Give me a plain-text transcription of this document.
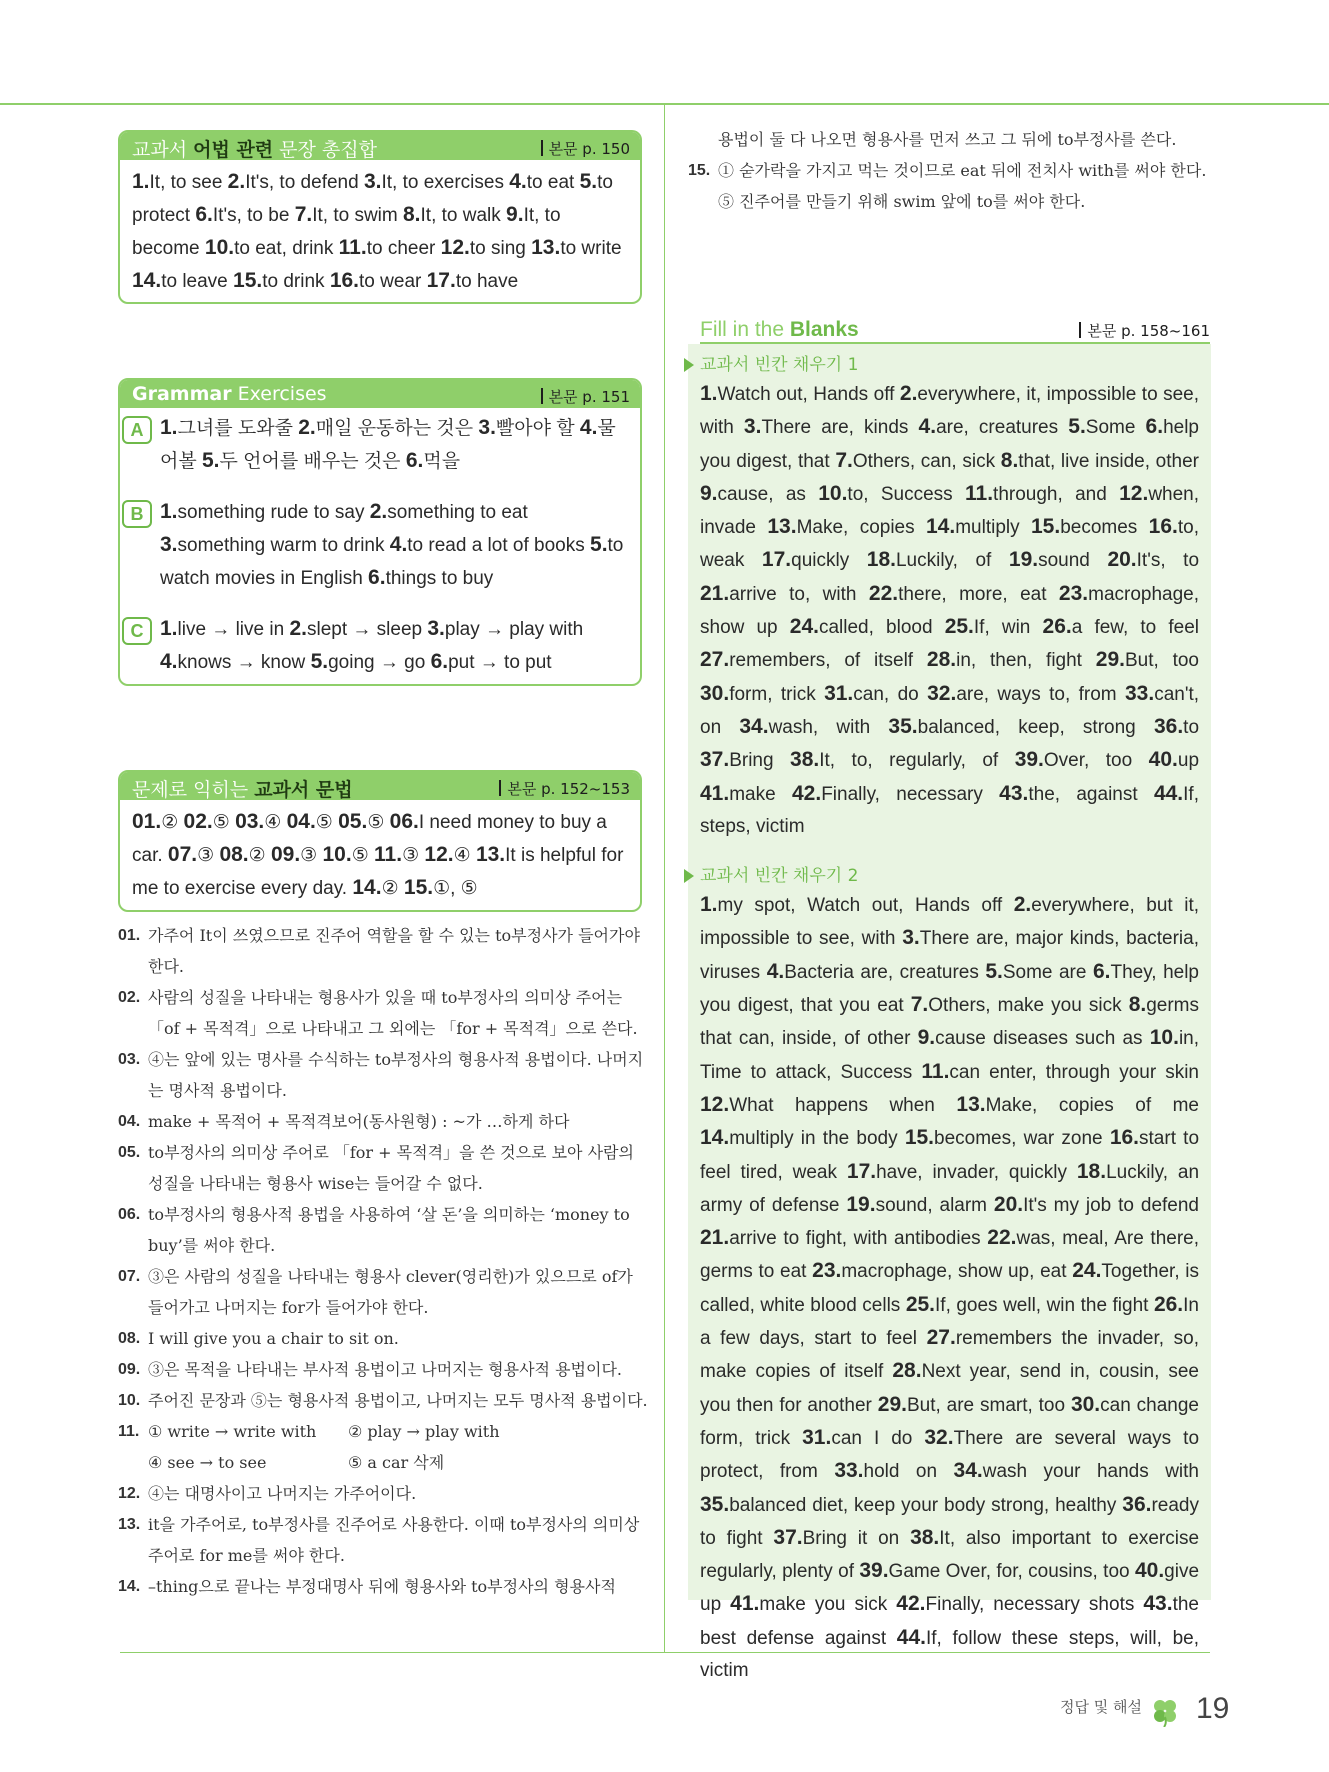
교과서 어법 관련 문장 총집합	본문 p. 150
1.It, to see 2.It's, to defend 3.It, to exercises 4.to eat 5.to protect 6.It's, to be 7.It, to swim 8.It, to walk 9.It, to become 10.to eat, drink 11.to cheer 12.to sing 13.to write 14.to leave 15.to drink 16.to wear 17.to have
Grammar Exercises	본문 p. 151
A 1.그녀를 도와줄 2.매일 운동하는 것은 3.빨아야 할 4.물어볼 5.두 언어를 배우는 것은 6.먹을
B 1.something rude to say 2.something to eat 3.something warm to drink 4.to read a lot of books 5.to watch movies in English 6.things to buy
C 1.live → live in 2.slept → sleep 3.play → play with 4.knows → know 5.going → go 6.put → to put
문제로 익히는 교과서 문법	본문 p. 152~153
01.② 02.⑤ 03.④ 04.⑤ 05.⑤ 06.I need money to buy a car. 07.③ 08.② 09.③ 10.⑤ 11.③ 12.④ 13.It is helpful for me to exercise every day. 14.② 15.①, ⑤
01. 가주어 It이 쓰였으므로 진주어 역할을 할 수 있는 to부정사가 들어가야 한다.
02. 사람의 성질을 나타내는 형용사가 있을 때 to부정사의 의미상 주어는 「of + 목적격」으로 나타내고 그 외에는 「for + 목적격」으로 쓴다.
03. ④는 앞에 있는 명사를 수식하는 to부정사의 형용사적 용법이다. 나머지는 명사적 용법이다.
04. make + 목적어 + 목적격보어(동사원형) : ~가 …하게 하다
05. to부정사의 의미상 주어로 「for + 목적격」을 쓴 것으로 보아 사람의 성질을 나타내는 형용사 wise는 들어갈 수 없다.
06. to부정사의 형용사적 용법을 사용하여 ‘살 돈’을 의미하는 ‘money to buy’를 써야 한다.
07. ③은 사람의 성질을 나타내는 형용사 clever(영리한)가 있으므로 of가 들어가고 나머지는 for가 들어가야 한다.
08. I will give you a chair to sit on.
09. ③은 목적을 나타내는 부사적 용법이고 나머지는 형용사적 용법이다.
10. 주어진 문장과 ⑤는 형용사적 용법이고, 나머지는 모두 명사적 용법이다.
11. ① write → write with ② play → play with④ see → to see	⑤ a car 삭제
12. ④는 대명사이고 나머지는 가주어이다.
13. it을 가주어로, to부정사를 진주어로 사용한다. 이때 to부정사의 의미상 주어로 for me를 써야 한다.
14. –thing으로 끝나는 부정대명사 뒤에 형용사와 to부정사의 형용사적
용법이 둘 다 나오면 형용사를 먼저 쓰고 그 뒤에 to부정사를 쓴다.
15. ① 숟가락을 가지고 먹는 것이므로 eat 뒤에 전치사 with를 써야 한다. ⑤ 진주어를 만들기 위해 swim 앞에 to를 써야 한다.
Fill in the Blanks	본문 p. 158~161
교과서 빈칸 채우기 1
1.Watch out, Hands off 2.everywhere, it, impossible to see, with 3.There are, kinds 4.are, creatures 5.Some 6.help you digest, that 7.Others, can, sick 8.that, live inside, other 9.cause, as 10.to, Success 11.through, and 12.when, invade 13.Make, copies 14.multiply 15.becomes 16.to, weak 17.quickly 18.Luckily, of 19.sound 20.It's, to 21.arrive to, with 22.there, more, eat 23.macrophage, show up 24.called, blood 25.If, win 26.a few, to feel 27.remembers, of itself 28.in, then, fight 29.But, too 30.form, trick 31.can, do 32.are, ways to, from 33.can't, on 34.wash, with 35.balanced, keep, strong 36.to 37.Bring 38.It, to, regularly, of 39.Over, too 40.up 41.make 42.Finally, necessary 43.the, against 44.If, steps, victim
교과서 빈칸 채우기 2
1.my spot, Watch out, Hands off 2.everywhere, but it, impossible to see, with 3.There are, major kinds, bacteria, viruses 4.Bacteria are, creatures 5.Some are 6.They, help you digest, that you eat 7.Others, make you sick 8.germs that can, inside, of other 9.cause diseases such as 10.in, Time to attack, Success 11.can enter, through your skin 12.What happens when 13.Make, copies of me 14.multiply in the body 15.becomes, war zone 16.start to feel tired, weak 17.have, invader, quickly 18.Luckily, an army of defense 19.sound, alarm 20.It's my job to defend 21.arrive to fight, with antibodies 22.was, meal, Are there, germs to eat 23.macrophage, show up, eat 24.Together, is called, white blood cells 25.If, goes well, win the fight 26.In a few days, start to feel 27.remembers the invader, so, make copies of itself 28.Next year, send in, cousin, see you then for another 29.But, are smart, too 30.can change form, trick 31.can I do 32.There are several ways to protect, from 33.hold on 34.wash your hands with 35.balanced diet, keep your body strong, healthy 36.ready to fight 37.Bring it on 38.It, also important to exercise regularly, plenty of 39.Game Over, for, cousins, too 40.give up 41.make you sick 42.Finally, necessary shots 43.the best defense against 44.If, follow these steps, will, be, victim
정답 및 해설 19
